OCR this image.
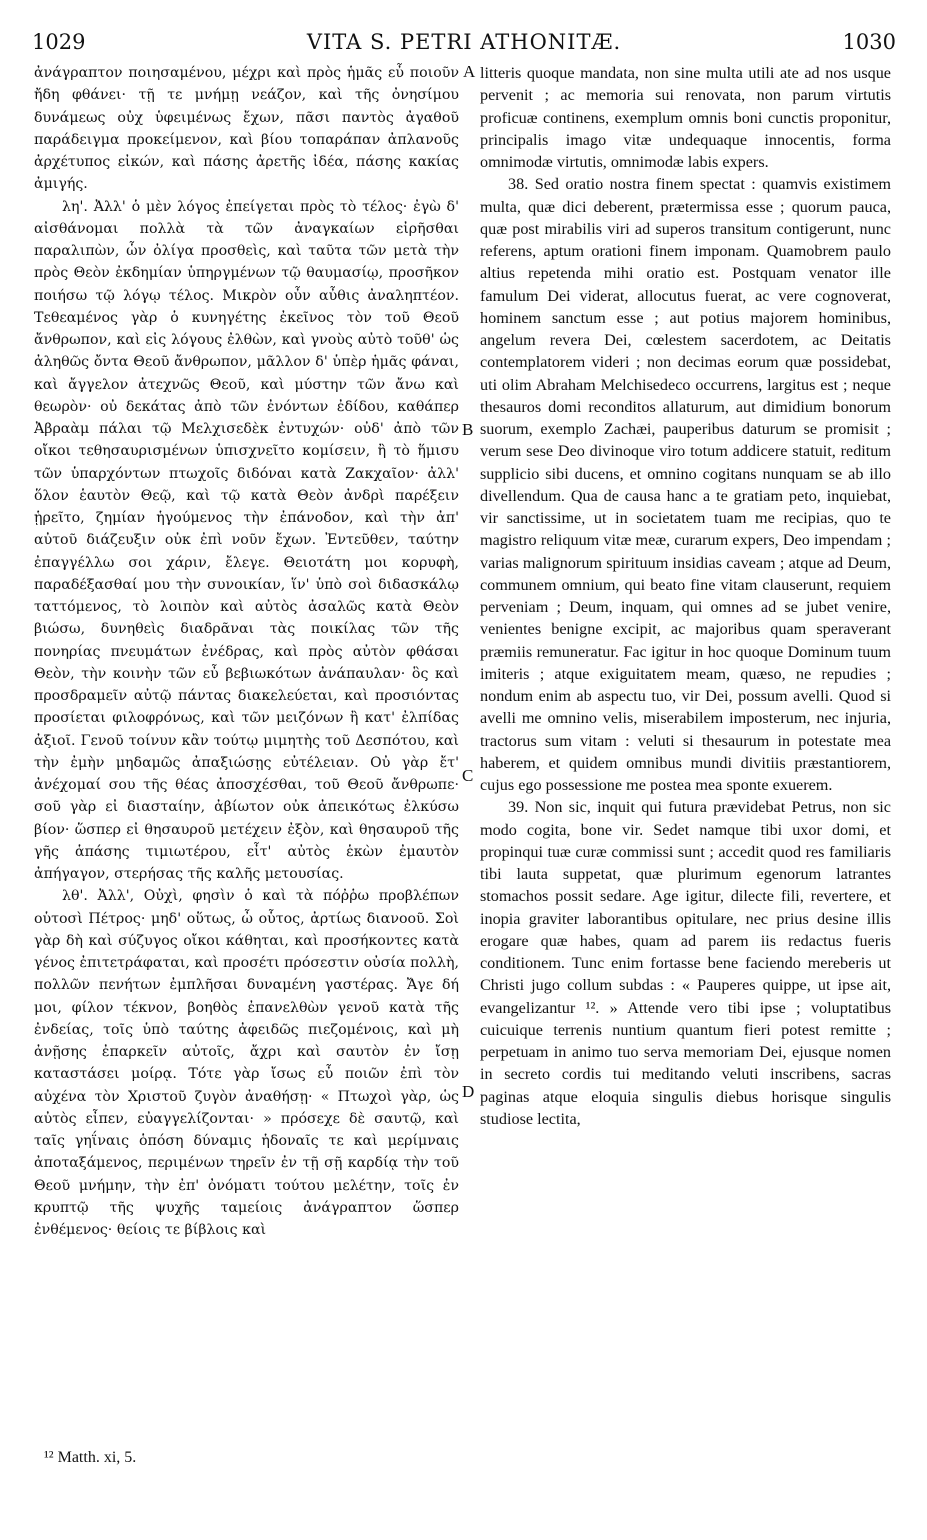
1029	VITA S. PETRI ATHONITÆ.	1030

ἀνάγραπτον ποιησαμένου, μέχρι καὶ πρὸς ἡμᾶς εὖ ποιοῦν ἤδη φθάνει· τῇ τε μνήμῃ νεάζον, καὶ τῆς ὀνησίμου δυνάμεως οὐχ ὑφειμένως ἔχων, πᾶσι παντὸς ἀγαθοῦ παράδειγμα προκείμενον, καὶ βίου τοπαράπαν ἀπλανοῦς ἀρχέτυπος εἰκών, καὶ πάσης ἀρετῆς ἰδέα, πάσης κακίας ἀμιγής.

λη'. Ἀλλ' ὁ μὲν λόγος ἐπείγεται πρὸς τὸ τέλος· ἐγὼ δ' αἰσθάνομαι πολλὰ τὰ τῶν ἀναγκαίων εἰρῆσθαι παραλιπὼν, ὧν ὀλίγα προσθεὶς, καὶ ταῦτα τῶν μετὰ τὴν πρὸς Θεὸν ἐκδημίαν ὑπηργμένων τῷ θαυμασίῳ, προσῆκον ποιήσω τῷ λόγῳ τέλος. Μικρὸν οὖν αὖθις ἀναληπτέον. Τεθεαμένος γὰρ ὁ κυνηγέτης ἐκεῖνος τὸν τοῦ Θεοῦ ἄνθρωπον, καὶ εἰς λόγους ἐλθὼν, καὶ γνοὺς αὐτὸ τοῦθ' ὡς ἀληθῶς ὄντα Θεοῦ ἄνθρωπον, μᾶλλον δ' ὑπὲρ ἡμᾶς φάναι, καὶ ἄγγελον ἀτεχνῶς Θεοῦ, καὶ μύστην τῶν ἄνω καὶ θεωρὸν· οὐ δεκάτας ἀπὸ τῶν ἐνόντων ἐδίδου, καθάπερ Ἀβραὰμ πάλαι τῷ Μελχισεδὲκ ἐντυχών· οὐδ' ἀπὸ τῶν οἴκοι τεθησαυρισμένων ὑπισχνεῖτο κομίσειν, ἢ τὸ ἥμισυ τῶν ὑπαρχόντων πτωχοῖς διδόναι κατὰ Ζακχαῖον· ἀλλ' ὅλον ἑαυτὸν Θεῷ, καὶ τῷ κατὰ Θεὸν ἀνδρὶ παρέξειν ᾑρεῖτο, ζημίαν ἡγούμενος τὴν ἐπάνοδον, καὶ τὴν ἀπ' αὐτοῦ διάζευξιν οὐκ ἐπὶ νοῦν ἔχων. Ἐντεῦθεν, ταύτην ἐπαγγέλλω σοι χάριν, ἔλεγε. Θειοτάτη μοι κορυφὴ, παραδέξασθαί μου τὴν συνοικίαν, ἵν' ὑπὸ σοὶ διδασκάλῳ ταττόμενος, τὸ λοιπὸν καὶ αὐτὸς ἀσαλῶς κατὰ Θεὸν βιώσω, δυνηθεὶς διαδρᾶναι τὰς ποικίλας τῶν τῆς πονηρίας πνευμάτων ἐνέδρας, καὶ πρὸς αὐτὸν φθάσαι Θεὸν, τὴν κοινὴν τῶν εὖ βεβιωκότων ἀνάπαυλαν· ὃς καὶ προσδραμεῖν αὐτῷ πάντας διακελεύεται, καὶ προσιόντας προσίεται φιλοφρόνως, καὶ τῶν μειζόνων ἢ κατ' ἐλπίδας ἀξιοῖ. Γενοῦ τοίνυν κἂν τούτῳ μιμητὴς τοῦ Δεσπότου, καὶ τὴν ἐμὴν μηδαμῶς ἀπαξιώσῃς εὐτέλειαν. Οὐ γὰρ ἔτ' ἀνέχομαί σου τῆς θέας ἀποσχέσθαι, τοῦ Θεοῦ ἄνθρωπε· σοῦ γὰρ εἰ διασταίην, ἀβίωτον οὐκ ἀπεικότως ἐλκύσω βίον· ὥσπερ εἰ θησαυροῦ μετέχειν ἐξὸν, καὶ θησαυροῦ τῆς γῆς ἁπάσης τιμιωτέρου, εἶτ' αὐτὸς ἑκὼν ἐμαυτὸν ἀπήγαγον, στερήσας τῆς καλῆς μετουσίας.

λθ'. Ἀλλ', Οὐχὶ, φησὶν ὁ καὶ τὰ πόῤῥω προβλέπων οὑτοσὶ Πέτρος· μηδ' οὕτως, ὦ οὗτος, ἀρτίως διανοοῦ. Σοὶ γὰρ δὴ καὶ σύζυγος οἴκοι κάθηται, καὶ προσήκοντες κατὰ γένος ἐπιτετράφαται, καὶ προσέτι πρόσεστιν οὐσία πολλὴ, πολλῶν πενήτων ἐμπλῆσαι δυναμένη γαστέρας. Ἄγε δή μοι, φίλον τέκνον, βοηθὸς ἐπανελθὼν γενοῦ κατὰ τῆς ἐνδείας, τοῖς ὑπὸ ταύτης ἀφειδῶς πιεζομένοις, καὶ μὴ ἀνῇσης ἐπαρκεῖν αὐτοῖς, ἄχρι καὶ σαυτὸν ἐν ἴσῃ καταστάσει μοίρᾳ. Τότε γὰρ ἴσως εὖ ποιῶν ἐπὶ τὸν αὐχένα τὸν Χριστοῦ ζυγὸν ἀναθήσῃ· « Πτωχοὶ γὰρ, ὡς αὐτὸς εἶπεν, εὐαγγελίζονται· » πρόσεχε δὲ σαυτῷ, καὶ ταῖς γηΐναις ὁπόση δύναμις ἡδοναῖς τε καὶ μερίμναις ἀποταξάμενος, περιμένων τηρεῖν ἐν τῇ σῇ καρδίᾳ τὴν τοῦ Θεοῦ μνήμην, τὴν ἐπ' ὀνόματι τούτου μελέτην, τοῖς ἐν κρυπτῷ τῆς ψυχῆς ταμείοις ἀνάγραπτον ὥσπερ ἐνθέμενος· θείοις τε βίβλοις καὶ

A
B
C
D

litteris quoque mandata, non sine multa utili ate ad nos usque pervenit ; ac memoria sui renovata, non parum virtutis proficuæ continens, exemplum omnis boni cunctis proponitur, principalis imago vitæ undequaque innocentis, forma omnimodæ virtutis, omnimodæ labis expers.

38. Sed oratio nostra finem spectat : quamvis existimem multa, quæ dici deberent, prætermissa esse ; quorum pauca, quæ post mirabilis viri ad superos transitum contigerunt, nunc referens, aptum orationi finem imponam. Quamobrem paulo altius repetenda mihi oratio est. Postquam venator ille famulum Dei viderat, allocutus fuerat, ac vere cognoverat, hominem sanctum esse ; aut potius majorem hominibus, angelum revera Dei, cœlestem sacerdotem, ac Deitatis contemplatorem videri ; non decimas eorum quæ possidebat, uti olim Abraham Melchisedeco occurrens, largitus est ; neque thesauros domi reconditos allaturum, aut dimidium bonorum suorum, exemplo Zachæi, pauperibus daturum se promisit ; verum sese Deo divinoque viro totum addicere statuit, reditum supplicio sibi ducens, et omnino cogitans nunquam se ab illo divellendum. Qua de causa hanc a te gratiam peto, inquiebat, vir sanctissime, ut in societatem tuam me recipias, quo te magistro reliquum vitæ meæ, curarum expers, Deo impendam ; varias malignorum spirituum insidias caveam ; atque ad Deum, communem omnium, qui beato fine vitam clauserunt, requiem perveniam ; Deum, inquam, qui omnes ad se jubet venire, venientes benigne excipit, ac majoribus quam speraverant præmiis remuneratur. Fac igitur in hoc quoque Dominum tuum imiteris ; atque exiguitatem meam, quæso, ne repudies ; nondum enim ab aspectu tuo, vir Dei, possum avelli. Quod si avelli me omnino velis, miserabilem imposterum, nec injuria, tractorus sum vitam : veluti si thesaurum in potestate mea haberem, et quidem omnibus mundi divitiis præstantiorem, cujus ego possessione me postea mea sponte exuerem.

39. Non sic, inquit qui futura prævidebat Petrus, non sic modo cogita, bone vir. Sedet namque tibi uxor domi, et propinqui tuæ curæ commissi sunt ; accedit quod res familiaris tibi lauta suppetat, quæ plurimum egenorum latrantes stomachos possit sedare. Age igitur, dilecte fili, revertere, et inopia graviter laborantibus opitulare, nec prius desine illis erogare quæ habes, quam ad parem iis redactus fueris conditionem. Tunc enim fortasse bene faciendo mereberis ut Christi jugo collum subdas : « Pauperes quippe, ut ipse ait, evangelizantur ¹². » Attende vero tibi ipse ; voluptatibus cuicuique terrenis nuntium quantum fieri potest remitte ; perpetuam in animo tuo serva memoriam Dei, ejusque nomen in secreto cordis tui meditando veluti inscribens, sacras paginas atque eloquia singulis diebus horisque singulis studiose lectita,

¹² Matth. xi, 5.
